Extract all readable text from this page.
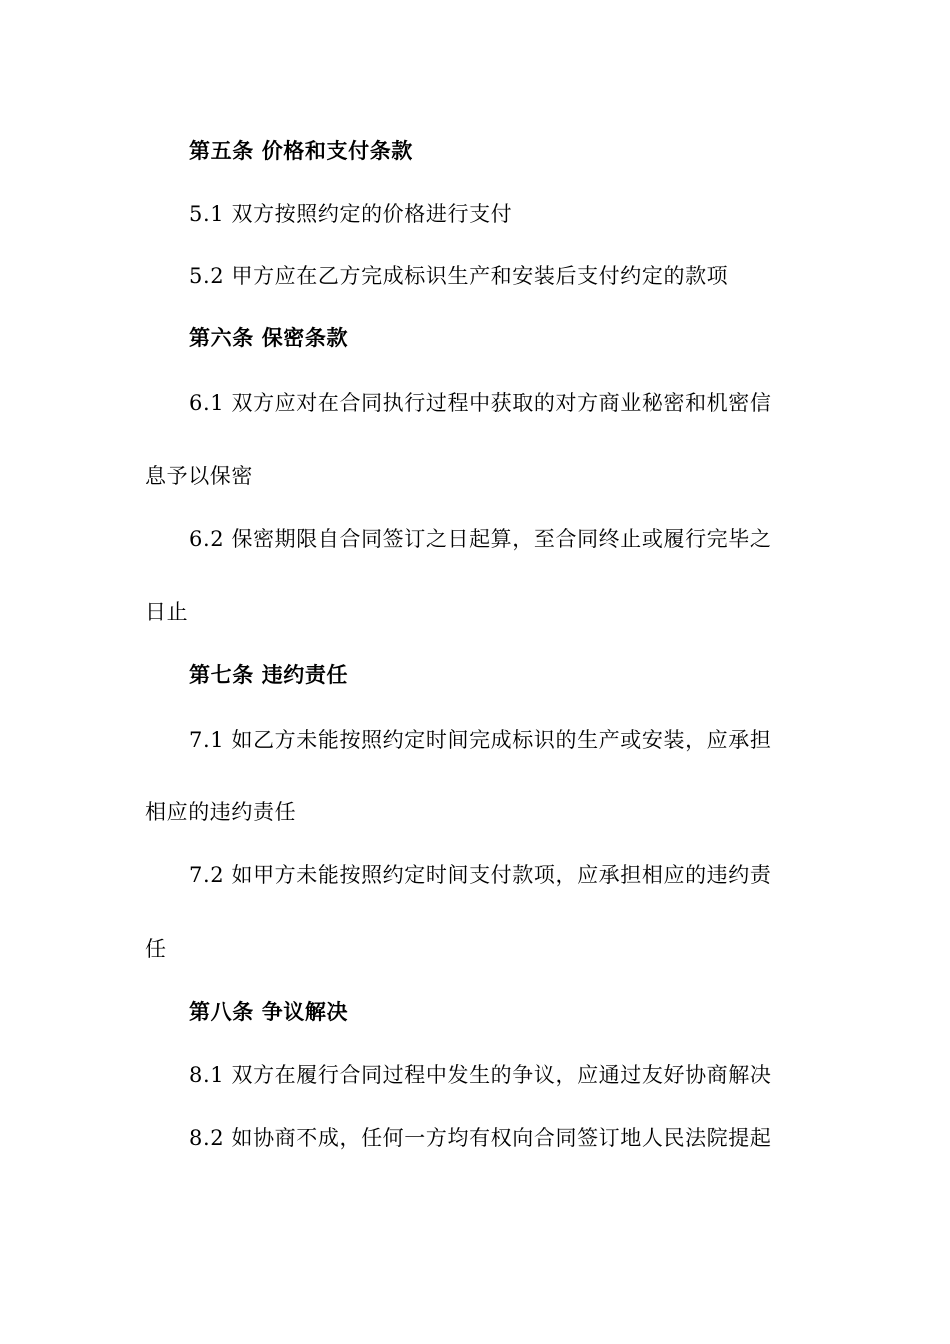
第五条 价格和支付条款
5.1 双方按照约定的价格进行支付
5.2 甲方应在乙方完成标识生产和安装后支付约定的款项
第六条 保密条款
6.1 双方应对在合同执行过程中获取的对方商业秘密和机密信
息予以保密
6.2 保密期限自合同签订之日起算，至合同终止或履行完毕之
日止
第七条 违约责任
7.1 如乙方未能按照约定时间完成标识的生产或安装，应承担
相应的违约责任
7.2 如甲方未能按照约定时间支付款项，应承担相应的违约责
任
第八条 争议解决
8.1 双方在履行合同过程中发生的争议，应通过友好协商解决
8.2 如协商不成，任何一方均有权向合同签订地人民法院提起
